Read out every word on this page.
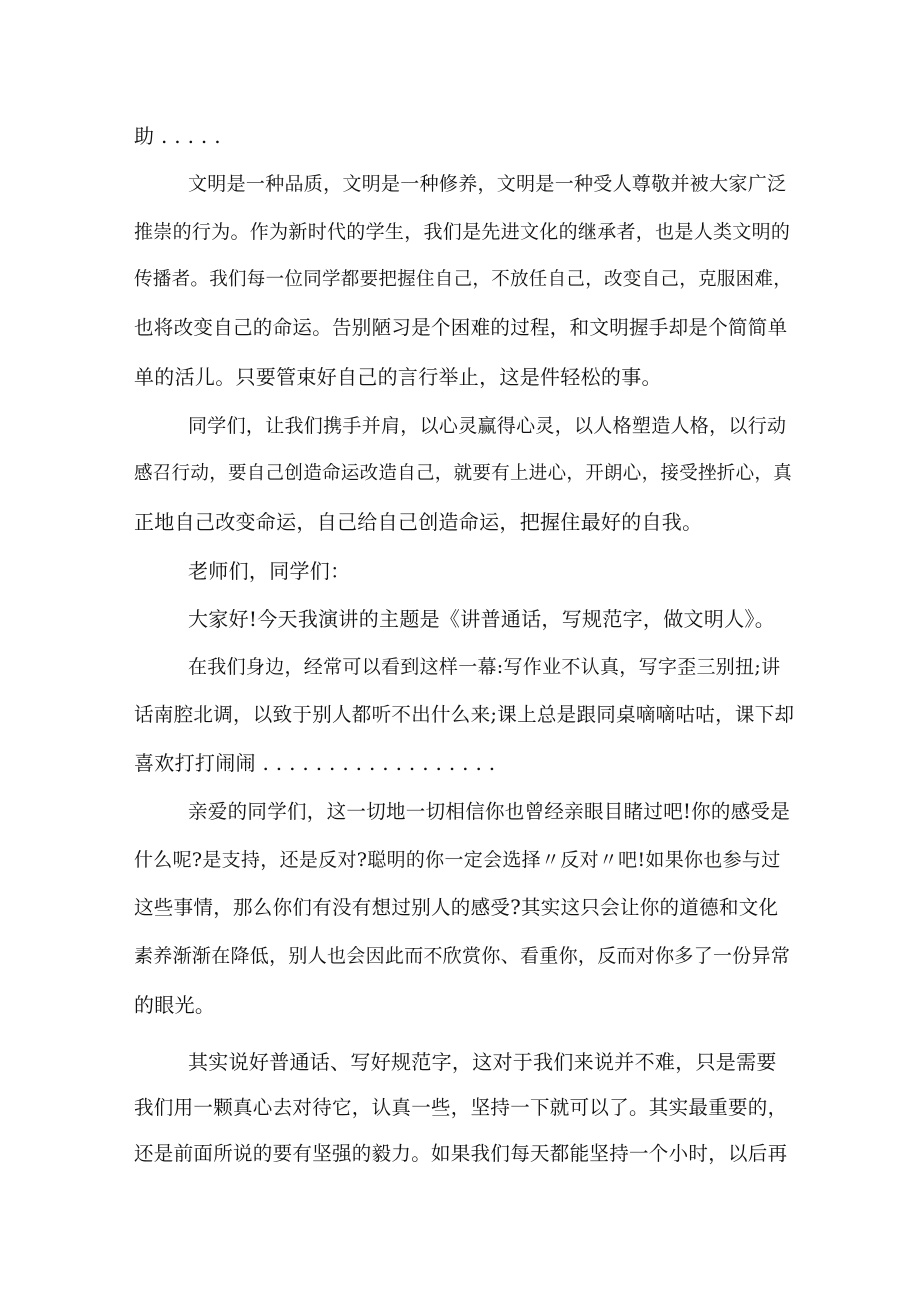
助 . . . . .
文明是一种品质，文明是一种修养，文明是一种受人尊敬并被大家广泛
推崇的行为。作为新时代的学生，我们是先进文化的继承者，也是人类文明的
传播者。我们每一位同学都要把握住自己，不放任自己，改变自己，克服困难，
也将改变自己的命运。告别陋习是个困难的过程，和文明握手却是个简简单
单的活儿。只要管束好自己的言行举止，这是件轻松的事。
同学们，让我们携手并肩，以心灵赢得心灵，以人格塑造人格，以行动
感召行动，要自己创造命运改造自己，就要有上进心，开朗心，接受挫折心，真
正地自己改变命运，自己给自己创造命运，把握住最好的自我。
老师们，同学们：
大家好!今天我演讲的主题是《讲普通话，写规范字，做文明人》。
在我们身边，经常可以看到这样一幕:写作业不认真，写字歪三别扭;讲
话南腔北调，以致于别人都听不出什么来;课上总是跟同桌嘀嘀咕咕，课下却
喜欢打打闹闹 . . . . . . . . . . . . . . . . . .
亲爱的同学们，这一切地一切相信你也曾经亲眼目睹过吧!你的感受是
什么呢?是支持，还是反对?聪明的你一定会选择〃反对〃吧!如果你也参与过
这些事情，那么你们有没有想过别人的感受?其实这只会让你的道德和文化
素养渐渐在降低，别人也会因此而不欣赏你、看重你，反而对你多了一份异常
的眼光。
其实说好普通话、写好规范字，这对于我们来说并不难，只是需要
我们用一颗真心去对待它，认真一些，坚持一下就可以了。其实最重要的，
还是前面所说的要有坚强的毅力。如果我们每天都能坚持一个小时，以后再
